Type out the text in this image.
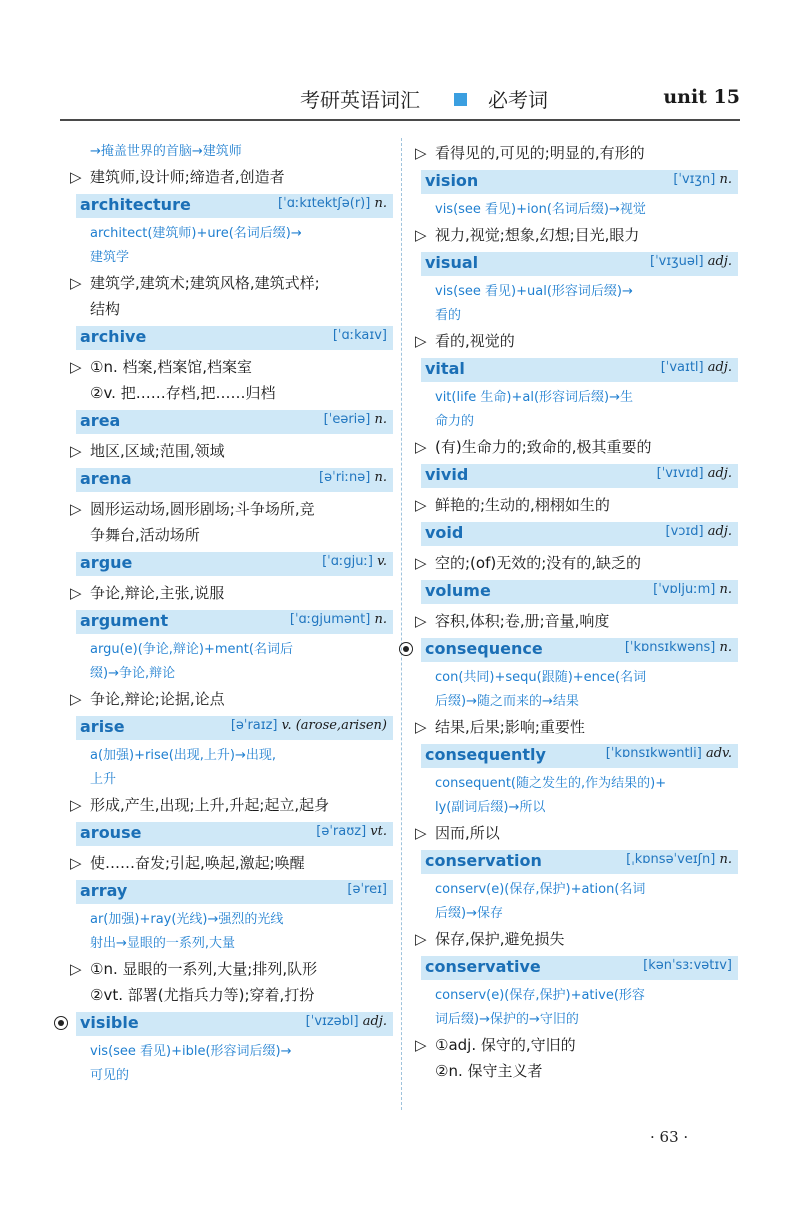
考研英语词汇	必考词	unit 15
→掩盖世界的首脑→建筑师
▷ 建筑师,设计师;缔造者,创造者
architecture	[ˈɑːkɪtektʃə(r)] n.
architect(建筑师)+ure(名词后缀)→
建筑学
▷ 建筑学,建筑术;建筑风格,建筑式样;
结构
archive	[ˈɑːkaɪv]
▷ ①n. 档案,档案馆,档案室
②v. 把……存档,把……归档
area	[ˈeəriə] n.
▷ 地区,区域;范围,领域
arena	[əˈriːnə] n.
▷ 圆形运动场,圆形剧场;斗争场所,竞
争舞台,活动场所
argue	[ˈɑːgjuː] v.
▷ 争论,辩论,主张,说服
argument	[ˈɑːgjumənt] n.
argu(e)(争论,辩论)+ment(名词后
缀)→争论,辩论
▷ 争论,辩论;论据,论点
arise	[əˈraɪz] v. (arose,arisen)
a(加强)+rise(出现,上升)→出现,
上升
▷ 形成,产生,出现;上升,升起;起立,起身
arouse	[əˈraʊz] vt.
▷ 使……奋发;引起,唤起,激起;唤醒
array	[əˈreɪ]
ar(加强)+ray(光线)→强烈的光线
射出→显眼的一系列,大量
▷ ①n. 显眼的一系列,大量;排列,队形
②vt. 部署(尤指兵力等);穿着,打扮
visible	[ˈvɪzəbl] adj.
vis(see 看见)+ible(形容词后缀)→
可见的
▷ 看得见的,可见的;明显的,有形的
vision	[ˈvɪʒn] n.
vis(see 看见)+ion(名词后缀)→视觉
▷ 视力,视觉;想象,幻想;目光,眼力
visual	[ˈvɪʒuəl] adj.
vis(see 看见)+ual(形容词后缀)→
看的
▷ 看的,视觉的
vital	[ˈvaɪtl] adj.
vit(life 生命)+al(形容词后缀)→生
命力的
▷ (有)生命力的;致命的,极其重要的
vivid	[ˈvɪvɪd] adj.
▷ 鲜艳的;生动的,栩栩如生的
void	[vɔɪd] adj.
▷ 空的;(of)无效的;没有的,缺乏的
volume	[ˈvɒljuːm] n.
▷ 容积,体积;卷,册;音量,响度
consequence	[ˈkɒnsɪkwəns] n.
con(共同)+sequ(跟随)+ence(名词
后缀)→随之而来的→结果
▷ 结果,后果;影响;重要性
consequently	[ˈkɒnsɪkwəntli] adv.
consequent(随之发生的,作为结果的)+
ly(副词后缀)→所以
▷ 因而,所以
conservation	[ˌkɒnsəˈveɪʃn] n.
conserv(e)(保存,保护)+ation(名词
后缀)→保存
▷ 保存,保护,避免损失
conservative	[kənˈsɜːvətɪv]
conserv(e)(保存,保护)+ative(形容
词后缀)→保护的→守旧的
▷ ①adj. 保守的,守旧的
②n. 保守主义者
· 63 ·
